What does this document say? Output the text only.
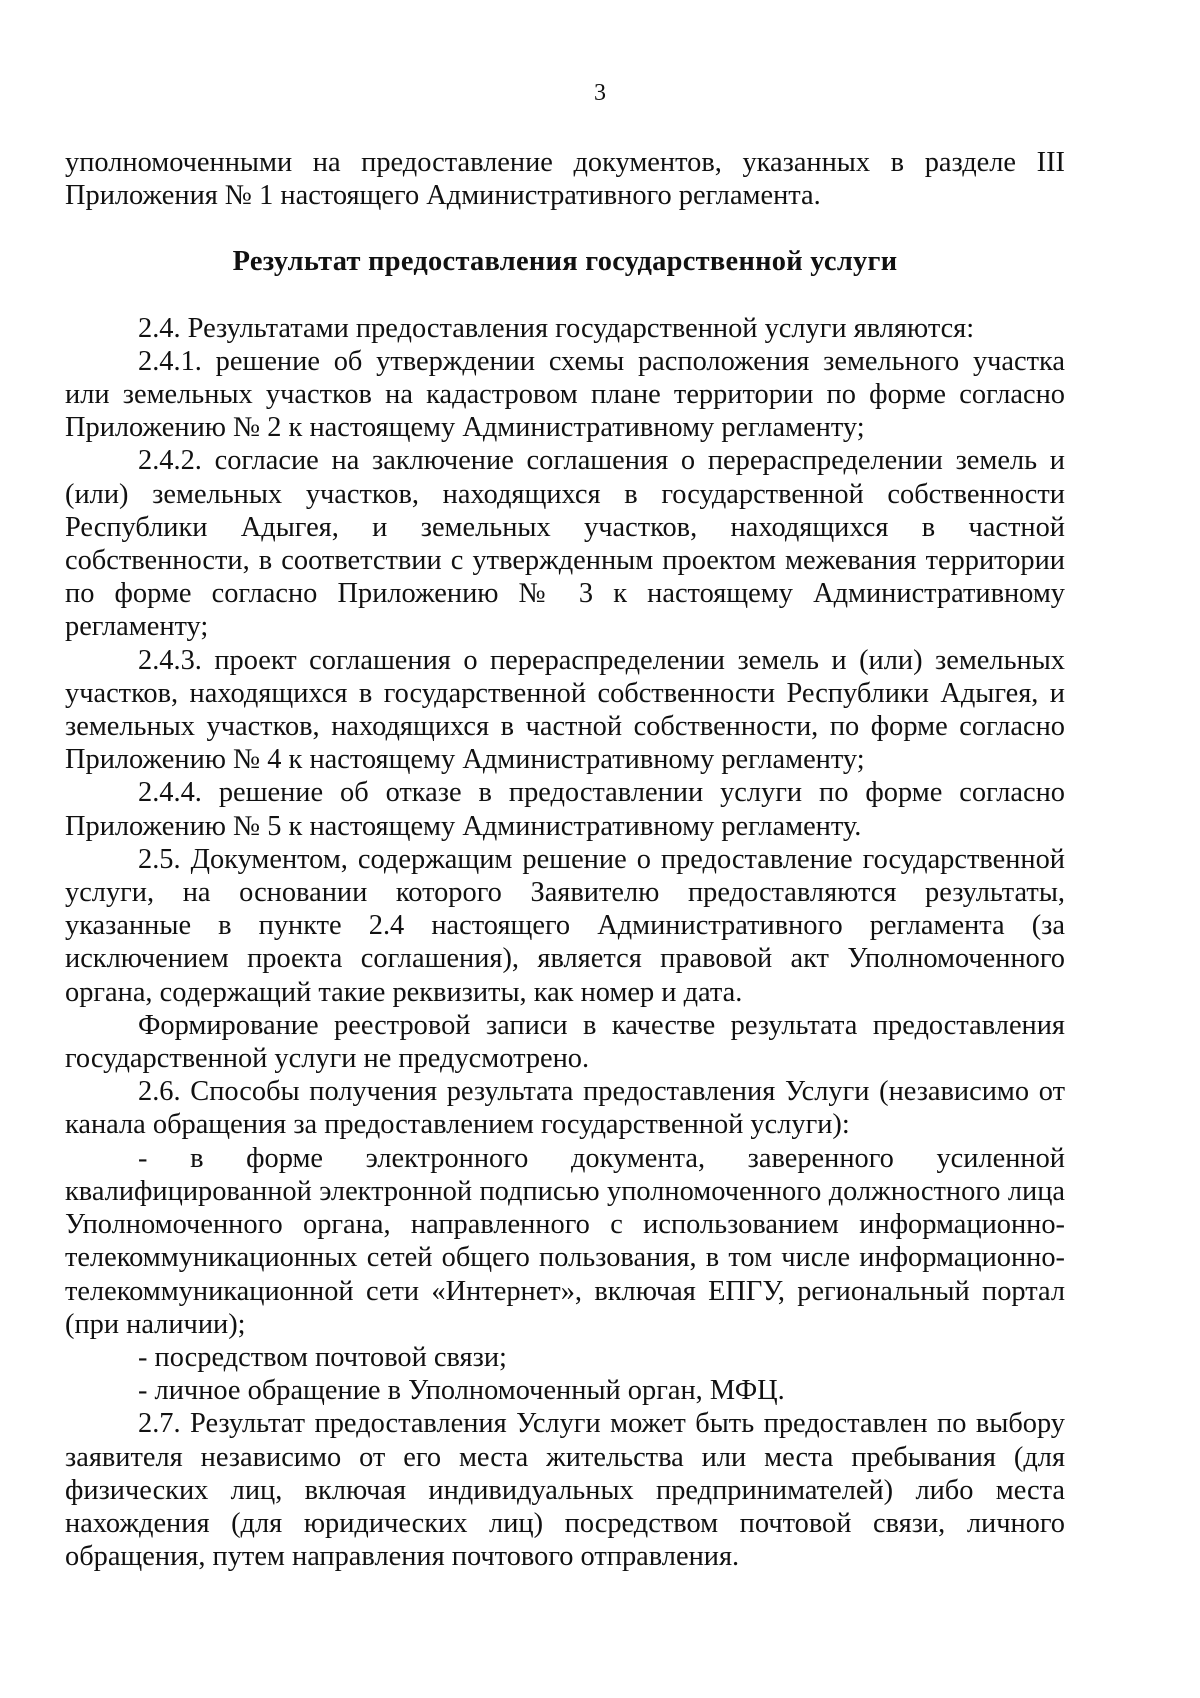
3

уполномоченными на предоставление документов, указанных в разделе III Приложения № 1 настоящего Административного регламента.

Результат предоставления государственной услуги

2.4. Результатами предоставления государственной услуги являются:

2.4.1. решение об утверждении схемы расположения земельного участка или земельных участков на кадастровом плане территории по форме согласно Приложению № 2 к настоящему Административному регламенту;

2.4.2. согласие на заключение соглашения о перераспределении земель и (или) земельных участков, находящихся в государственной собственности Республики Адыгея, и земельных участков, находящихся в частной собственности, в соответствии с утвержденным проектом межевания территории по форме согласно Приложению № 3 к настоящему Административному регламенту;

2.4.3. проект соглашения о перераспределении земель и (или) земельных участков, находящихся в государственной собственности Республики Адыгея, и земельных участков, находящихся в частной собственности, по форме согласно Приложению № 4 к настоящему Административному регламенту;

2.4.4. решение об отказе в предоставлении услуги по форме согласно Приложению № 5 к настоящему Административному регламенту.

2.5. Документом, содержащим решение о предоставление государственной услуги, на основании которого Заявителю предоставляются результаты, указанные в пункте 2.4 настоящего Административного регламента (за исключением проекта соглашения), является правовой акт Уполномоченного органа, содержащий такие реквизиты, как номер и дата.

Формирование реестровой записи в качестве результата предоставления государственной услуги не предусмотрено.

2.6. Способы получения результата предоставления Услуги (независимо от канала обращения за предоставлением государственной услуги):

- в форме электронного документа, заверенного усиленной квалифицированной электронной подписью уполномоченного должностного лица Уполномоченного органа, направленного с использованием информационно-телекоммуникационных сетей общего пользования, в том числе информационно-телекоммуникационной сети «Интернет», включая ЕПГУ, региональный портал (при наличии);

- посредством почтовой связи;

- личное обращение в Уполномоченный орган, МФЦ.

2.7. Результат предоставления Услуги может быть предоставлен по выбору заявителя независимо от его места жительства или места пребывания (для физических лиц, включая индивидуальных предпринимателей) либо места нахождения (для юридических лиц) посредством почтовой связи, личного обращения, путем направления почтового отправления.
